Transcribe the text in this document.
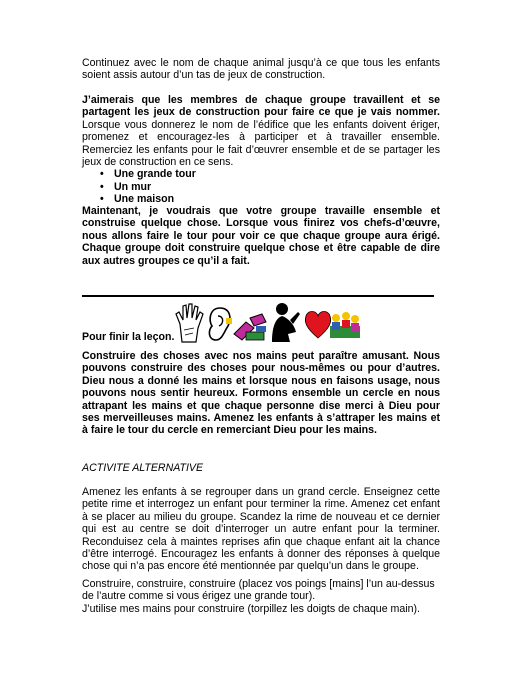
Continuez avec le nom de chaque animal jusqu’à ce que tous les enfants soient assis autour d’un tas de jeux de construction.

J’aimerais que les membres de chaque groupe travaillent et se partagent les jeux de construction pour faire ce que je vais nommer. Lorsque vous donnerez le nom de l’édifice que les enfants doivent ériger, promenez et encouragez-les à participer et à travailler ensemble. Remerciez les enfants pour le fait d’œuvrer ensemble et de se partager les jeux de construction en ce sens.

• Une grande tour
• Un mur
• Une maison

Maintenant, je voudrais que votre groupe travaille ensemble et construise quelque chose. Lorsque vous finirez vos chefs-d’œuvre, nous allons faire le tour pour voir ce que chaque groupe aura érigé. Chaque groupe doit construire quelque chose et être capable de dire aux autres groupes ce qu’il a fait.

Pour finir la leçon.

Construire des choses avec nos mains peut paraître amusant. Nous pouvons construire des choses pour nous-mêmes ou pour d’autres. Dieu nous a donné les mains et lorsque nous en faisons usage, nous pouvons nous sentir heureux. Formons ensemble un cercle en nous attrapant les mains et que chaque personne dise merci à Dieu pour ses merveilleuses mains. Amenez les enfants à s’attraper les mains et à faire le tour du cercle en remerciant Dieu pour les mains.

ACTIVITE ALTERNATIVE

Amenez les enfants à se regrouper dans un grand cercle. Enseignez cette petite rime et interrogez un enfant pour terminer la rime. Amenez cet enfant à se placer au milieu du groupe. Scandez la rime de nouveau et ce dernier qui est au centre se doit d’interroger un autre enfant pour la terminer. Reconduisez cela à maintes reprises afin que chaque enfant ait la chance d’être interrogé. Encouragez les enfants à donner des réponses à quelque chose qui n’a pas encore été mentionnée par quelqu’un dans le groupe.

Construire, construire, construire (placez vos poings [mains] l’un au-dessus de l’autre comme si vous érigez une grande tour).

J’utilise mes mains pour construire (torpillez les doigts de chaque main).
